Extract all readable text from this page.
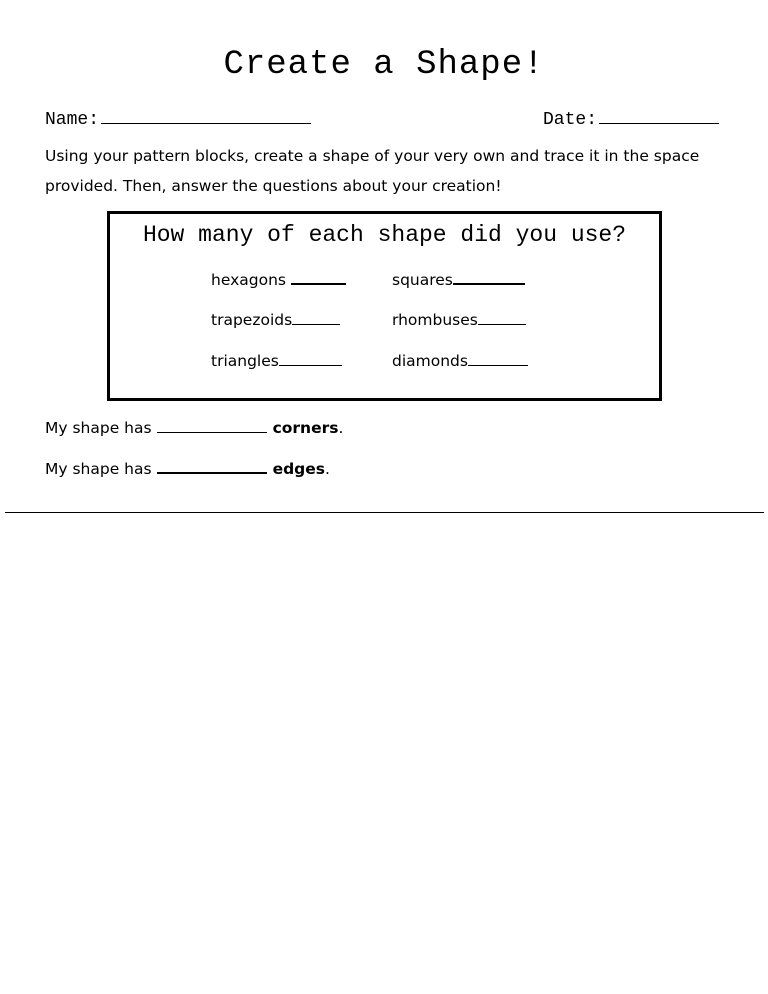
Create a Shape!
Name:	Date:
Using your pattern blocks, create a shape of your very own and trace it in the space provided. Then, answer the questions about your creation!
How many of each shape did you use?
hexagons	squares
trapezoids	rhombuses
triangles	diamonds
My shape has	corners .
My shape has	edges .
